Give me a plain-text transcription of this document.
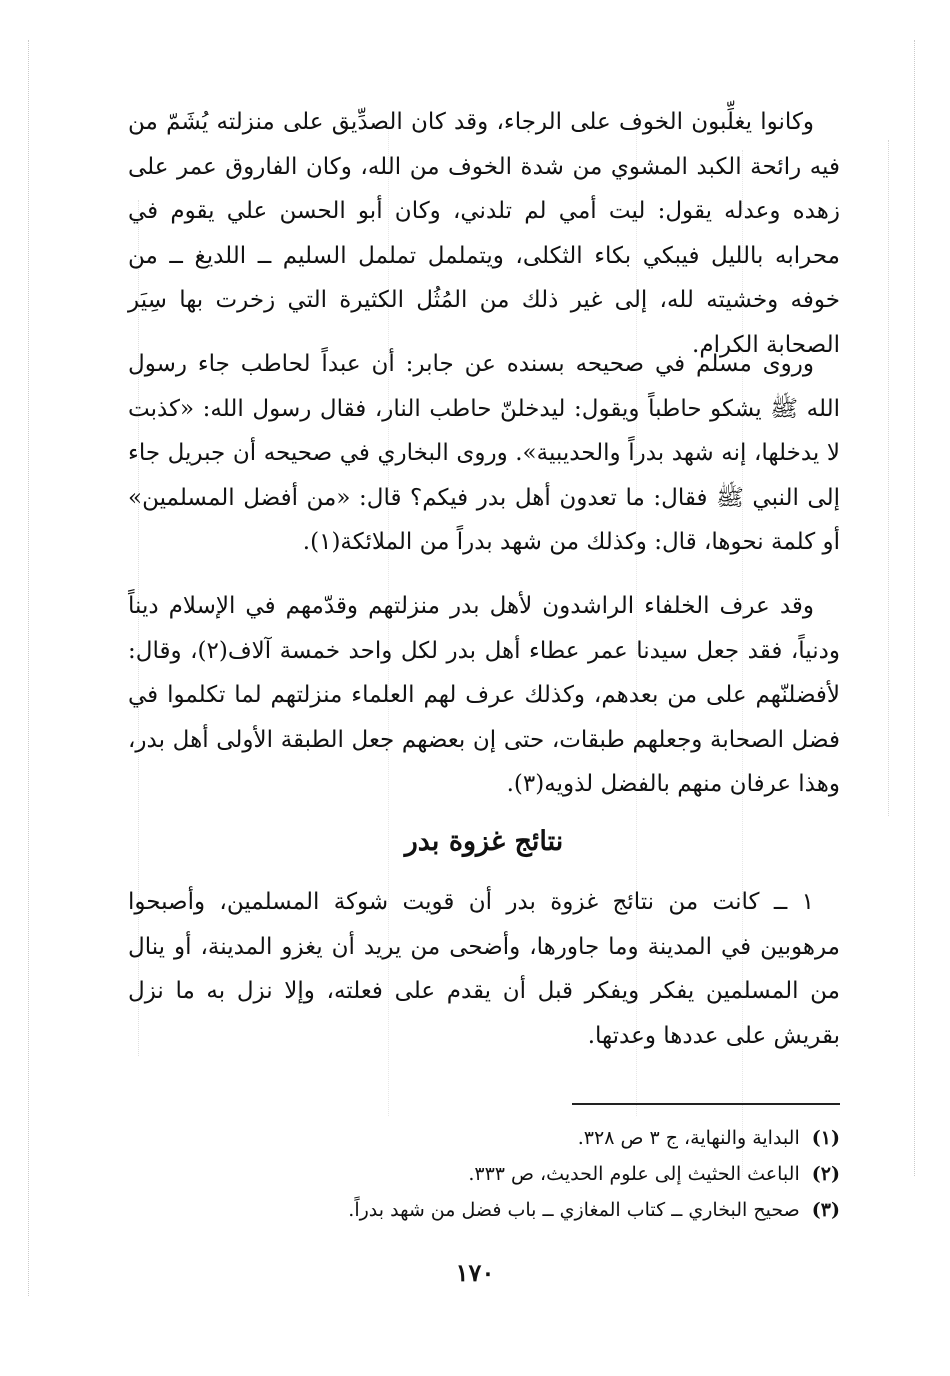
وكانوا يغلِّبون الخوف على الرجاء، وقد كان الصدِّيق على منزلته يُشَمّ من فيه رائحة الكبد المشوي من شدة الخوف من الله، وكان الفاروق عمر على زهده وعدله يقول: ليت أمي لم تلدني، وكان أبو الحسن علي يقوم في محرابه بالليل فيبكي بكاء الثكلى، ويتململ تململ السليم ــ اللديغ ــ من خوفه وخشيته لله، إلى غير ذلك من المُثُل الكثيرة التي زخرت بها سِيَر الصحابة الكرام.

وروى مسلم في صحيحه بسنده عن جابر: أن عبداً لحاطب جاء رسول الله ﷺ يشكو حاطباً ويقول: ليدخلنّ حاطب النار، فقال رسول الله: «كذبت لا يدخلها، إنه شهد بدراً والحديبية». وروى البخاري في صحيحه أن جبريل جاء إلى النبي ﷺ فقال: ما تعدون أهل بدر فيكم؟ قال: «من أفضل المسلمين» أو كلمة نحوها، قال: وكذلك من شهد بدراً من الملائكة(١).

وقد عرف الخلفاء الراشدون لأهل بدر منزلتهم وقدّمهم في الإسلام ديناً ودنياً، فقد جعل سيدنا عمر عطاء أهل بدر لكل واحد خمسة آلاف(٢)، وقال: لأفضلنّهم على من بعدهم، وكذلك عرف لهم العلماء منزلتهم لما تكلموا في فضل الصحابة وجعلهم طبقات، حتى إن بعضهم جعل الطبقة الأولى أهل بدر، وهذا عرفان منهم بالفضل لذويه(٣).

نتائج غزوة بدر

١ ــ كانت من نتائج غزوة بدر أن قويت شوكة المسلمين، وأصبحوا مرهوبين في المدينة وما جاورها، وأضحى من يريد أن يغزو المدينة، أو ينال من المسلمين يفكر ويفكر قبل أن يقدم على فعلته، وإلا نزل به ما نزل بقريش على عددها وعدتها.

(١) البداية والنهاية، ج ٣ ص ٣٢٨.
(٢) الباعث الحثيث إلى علوم الحديث، ص ٣٣٣.
(٣) صحيح البخاري ــ كتاب المغازي ــ باب فضل من شهد بدراً.
١٧٠
